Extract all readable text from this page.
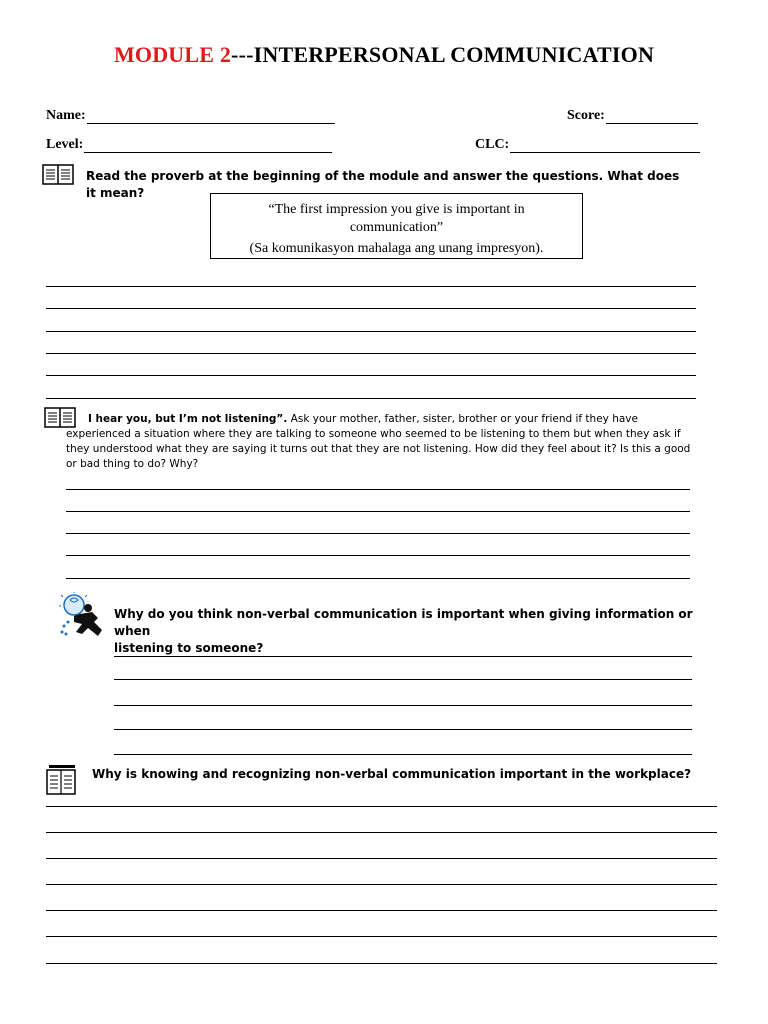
MODULE 2---INTERPERSONAL COMMUNICATION
Name:	Score:
Level:	CLC:
Read the proverb at the beginning of the module and answer the questions. What does it mean?
“The first impression you give is important in
communication”
(Sa komunikasyon mahalaga ang unang impresyon).
I hear you, but I’m not listening”. Ask your mother, father, sister, brother or your friend if they have experienced a situation where they are talking to someone who seemed to be listening to them but when they ask if they understood what they are saying it turns out that they are not listening. How did they feel about it? Is this a good or bad thing to do? Why?
Why do you think non-verbal communication is important when giving information or when
listening to someone?
Why is knowing and recognizing non-verbal communication important in the workplace?
